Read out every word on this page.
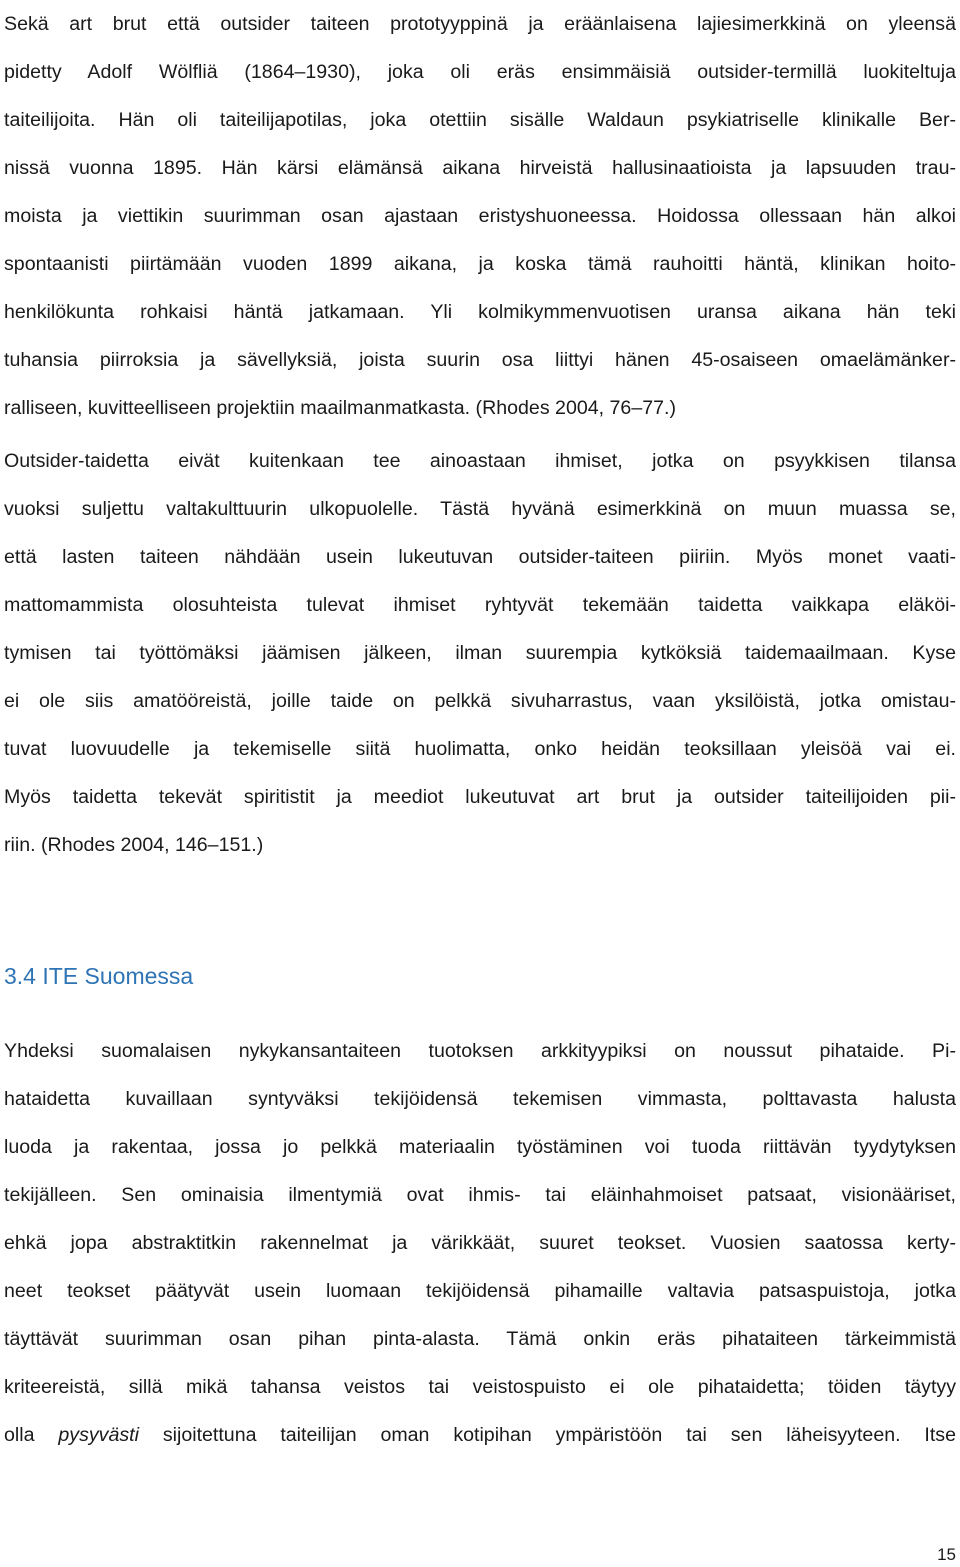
Sekä art brut että outsider taiteen prototyyppinä ja eräänlaisena lajiesimerkkinä on yleensä
pidetty Adolf Wölfliä (1864–1930), joka oli eräs ensimmäisiä outsider-termillä luokiteltuja
taiteilijoita. Hän oli taiteilijapotilas, joka otettiin sisälle Waldaun psykiatriselle klinikalle Ber-
nissä vuonna 1895. Hän kärsi elämänsä aikana hirveistä hallusinaatioista ja lapsuuden trau-
moista ja viettikin suurimman osan ajastaan eristyshuoneessa. Hoidossa ollessaan hän alkoi
spontaanisti piirtämään vuoden 1899 aikana, ja koska tämä rauhoitti häntä, klinikan hoito-
henkilökunta rohkaisi häntä jatkamaan. Yli kolmikymmenvuotisen uransa aikana hän teki
tuhansia piirroksia ja sävellyksiä, joista suurin osa liittyi hänen 45-osaiseen omaelämänker-
ralliseen, kuvitteelliseen projektiin maailmanmatkasta. (Rhodes 2004, 76–77.)
Outsider-taidetta eivät kuitenkaan tee ainoastaan ihmiset, jotka on psyykkisen tilansa
vuoksi suljettu valtakulttuurin ulkopuolelle. Tästä hyvänä esimerkkinä on muun muassa se,
että lasten taiteen nähdään usein lukeutuvan outsider-taiteen piiriin. Myös monet vaati-
mattomammista olosuhteista tulevat ihmiset ryhtyvät tekemään taidetta vaikkapa eläköi-
tymisen tai työttömäksi jäämisen jälkeen, ilman suurempia kytköksiä taidemaailmaan. Kyse
ei ole siis amatööreistä, joille taide on pelkkä sivuharrastus, vaan yksilöistä, jotka omistau-
tuvat luovuudelle ja tekemiselle siitä huolimatta, onko heidän teoksillaan yleisöä vai ei.
Myös taidetta tekevät spiritistit ja meediot lukeutuvat art brut ja outsider taiteilijoiden pii-
riin. (Rhodes 2004, 146–151.)
3.4 ITE Suomessa
Yhdeksi suomalaisen nykykansantaiteen tuotoksen arkkityypiksi on noussut pihataide. Pi-
hataidetta kuvaillaan syntyväksi tekijöidensä tekemisen vimmasta, polttavasta halusta
luoda ja rakentaa, jossa jo pelkkä materiaalin työstäminen voi tuoda riittävän tyydytyksen
tekijälleen. Sen ominaisia ilmentymiä ovat ihmis- tai eläinhahmoiset patsaat, visionääriset,
ehkä jopa abstraktitkin rakennelmat ja värikkäät, suuret teokset. Vuosien saatossa kerty-
neet teokset päätyvät usein luomaan tekijöidensä pihamaille valtavia patsaspuistoja, jotka
täyttävät suurimman osan pihan pinta-alasta. Tämä onkin eräs pihataiteen tärkeimmistä
kriteereistä, sillä mikä tahansa veistos tai veistospuisto ei ole pihataidetta; töiden täytyy
olla pysyvästi sijoitettuna taiteilijan oman kotipihan ympäristöön tai sen läheisyyteen. Itse
15
